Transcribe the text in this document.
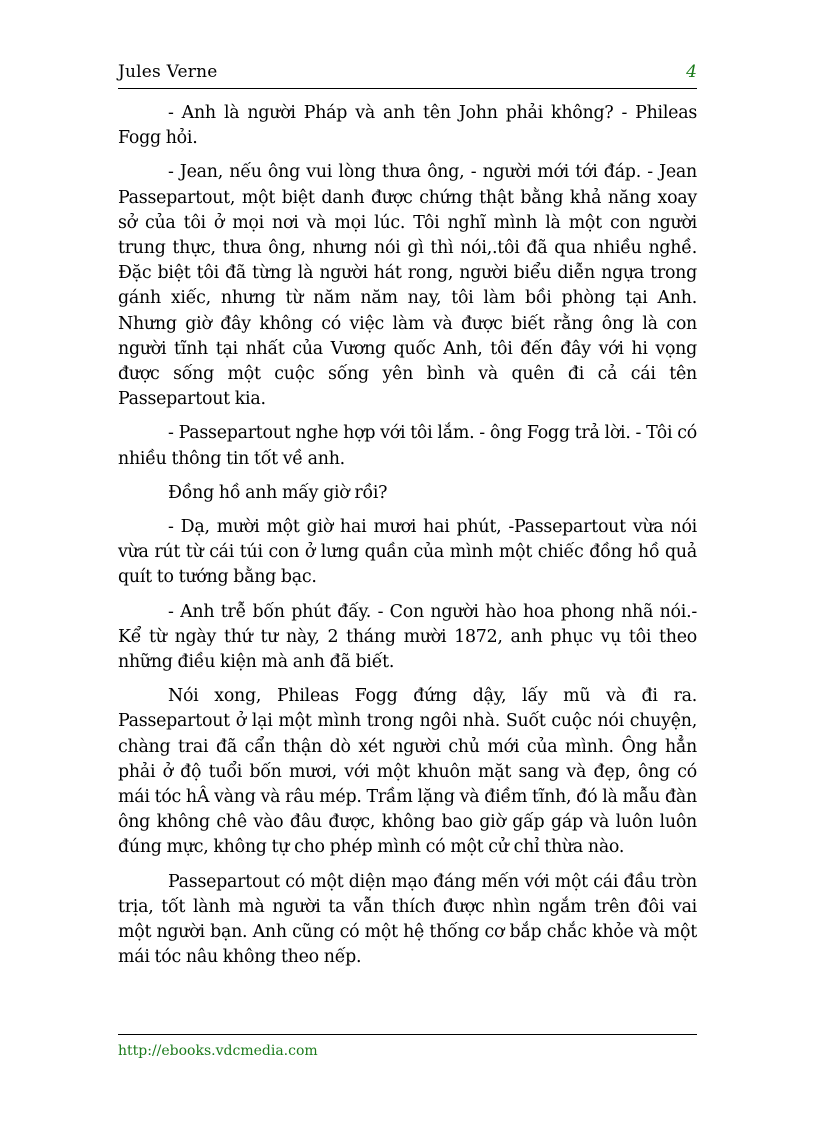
Jules Verne	4

- Anh là người Pháp và anh tên John phải không? - Phileas Fogg hỏi.

- Jean, nếu ông vui lòng thưa ông, - người mới tới đáp. - Jean Passepartout, một biệt danh được chứng thật bằng khả năng xoay sở của tôi ở mọi nơi và mọi lúc. Tôi nghĩ mình là một con người trung thực, thưa ông, nhưng nói gì thì nói,.tôi đã qua nhiều nghề. Đặc biệt tôi đã từng là người hát rong, người biểu diễn ngựa trong gánh xiếc, nhưng từ năm năm nay, tôi làm bồi phòng tại Anh. Nhưng giờ đây không có việc làm và được biết rằng ông là con người tĩnh tại nhất của Vương quốc Anh, tôi đến đây với hi vọng được sống một cuộc sống yên bình và quên đi cả cái tên Passepartout kia.

- Passepartout nghe hợp với tôi lắm. - ông Fogg trả lời. - Tôi có nhiều thông tin tốt về anh.

Đồng hồ anh mấy giờ rồi?

- Dạ, mười một giờ hai mươi hai phút, -Passepartout vừa nói vừa rút từ cái túi con ở lưng quần của mình một chiếc đồng hồ quả quít to tướng bằng bạc.

- Anh trễ bốn phút đấy. - Con người hào hoa phong nhã nói.- Kể từ ngày thứ tư này, 2 tháng mười 1872, anh phục vụ tôi theo những điều kiện mà anh đã biết.

Nói xong, Phileas Fogg đứng dậy, lấy mũ và đi ra. Passepartout ở lại một mình trong ngôi nhà. Suốt cuộc nói chuyện, chàng trai đã cẩn thận dò xét người chủ mới của mình. Ông hẳn phải ở độ tuổi bốn mươi, với một khuôn mặt sang và đẹp, ông có mái tóc hÂ vàng và râu mép. Trầm lặng và điềm tĩnh, đó là mẫu đàn ông không chê vào đâu được, không bao giờ gấp gáp và luôn luôn đúng mực, không tự cho phép mình có một cử chỉ thừa nào.

Passepartout có một diện mạo đáng mến với một cái đầu tròn trịa, tốt lành mà người ta vẫn thích được nhìn ngắm trên đôi vai một người bạn. Anh cũng có một hệ thống cơ bắp chắc khỏe và một mái tóc nâu không theo nếp.

http://ebooks.vdcmedia.com
